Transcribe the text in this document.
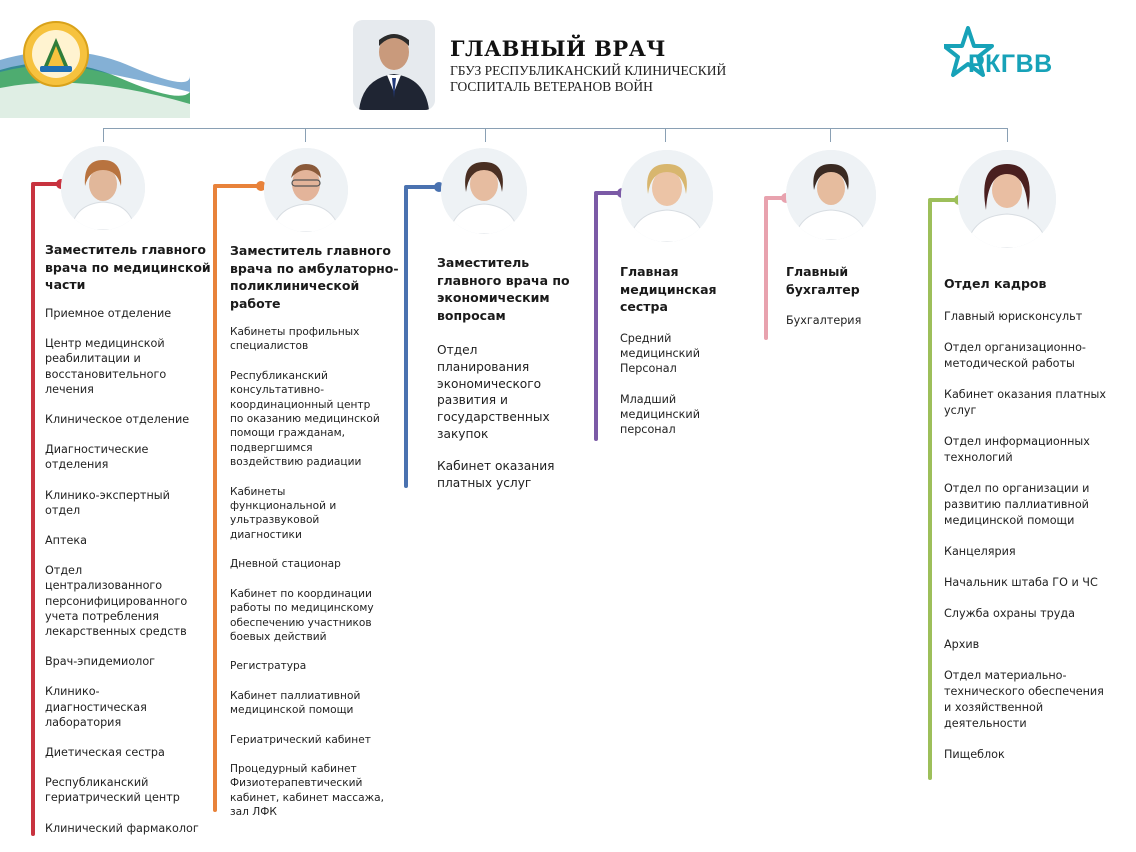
ГЛАВНЫЙ ВРАЧ
ГБУЗ РЕСПУБЛИКАНСКИЙ КЛИНИЧЕСКИЙ
ГОСПИТАЛЬ ВЕТЕРАНОВ ВОЙН
РКГВВ
Заместитель главного
врача по медицинской
части
Приемное отделение
Центр медицинской
реабилитации и
восстановительного
лечения
Клиническое отделение
Диагностические
отделения
Клинико-экспертный
отдел
Аптека
Отдел
централизованного
персонифицированного
учета потребления
лекарственных средств
Врач-эпидемиолог
Клинико-
диагностическая
лаборатория
Диетическая сестра
Республиканский
гериатрический центр
Клинический фармаколог
Заместитель главного
врача по амбулаторно-
поликлинической
работе
Кабинеты профильных
специалистов
Республиканский
консультативно-
координационный центр
по оказанию медицинской
помощи гражданам,
подвергшимся
воздействию радиации
Кабинеты
функциональной и
ультразвуковой
диагностики
Дневной стационар
Кабинет по координации
работы по медицинскому
обеспечению участников
боевых действий
Регистратура
Кабинет паллиативной
медицинской помощи
Гериатрический кабинет
Процедурный кабинет
Физиотерапевтический
кабинет, кабинет массажа,
зал ЛФК
Заместитель
главного врача по
экономическим
вопросам
Отдел
планирования
экономического
развития и
государственных
закупок
Кабинет оказания
платных услуг
Главная
медицинская
сестра
Средний
медицинский
Персонал
Младший
медицинский
персонал
Главный
бухгалтер
Бухгалтерия
Отдел кадров
Главный юрисконсульт
Отдел организационно-
методической работы
Кабинет оказания платных
услуг
Отдел информационных
технологий
Отдел по организации и
развитию паллиативной
медицинской помощи
Канцелярия
Начальник штаба ГО и ЧС
Служба охраны труда
Архив
Отдел материально-
технического обеспечения
и хозяйственной
деятельности
Пищеблок
